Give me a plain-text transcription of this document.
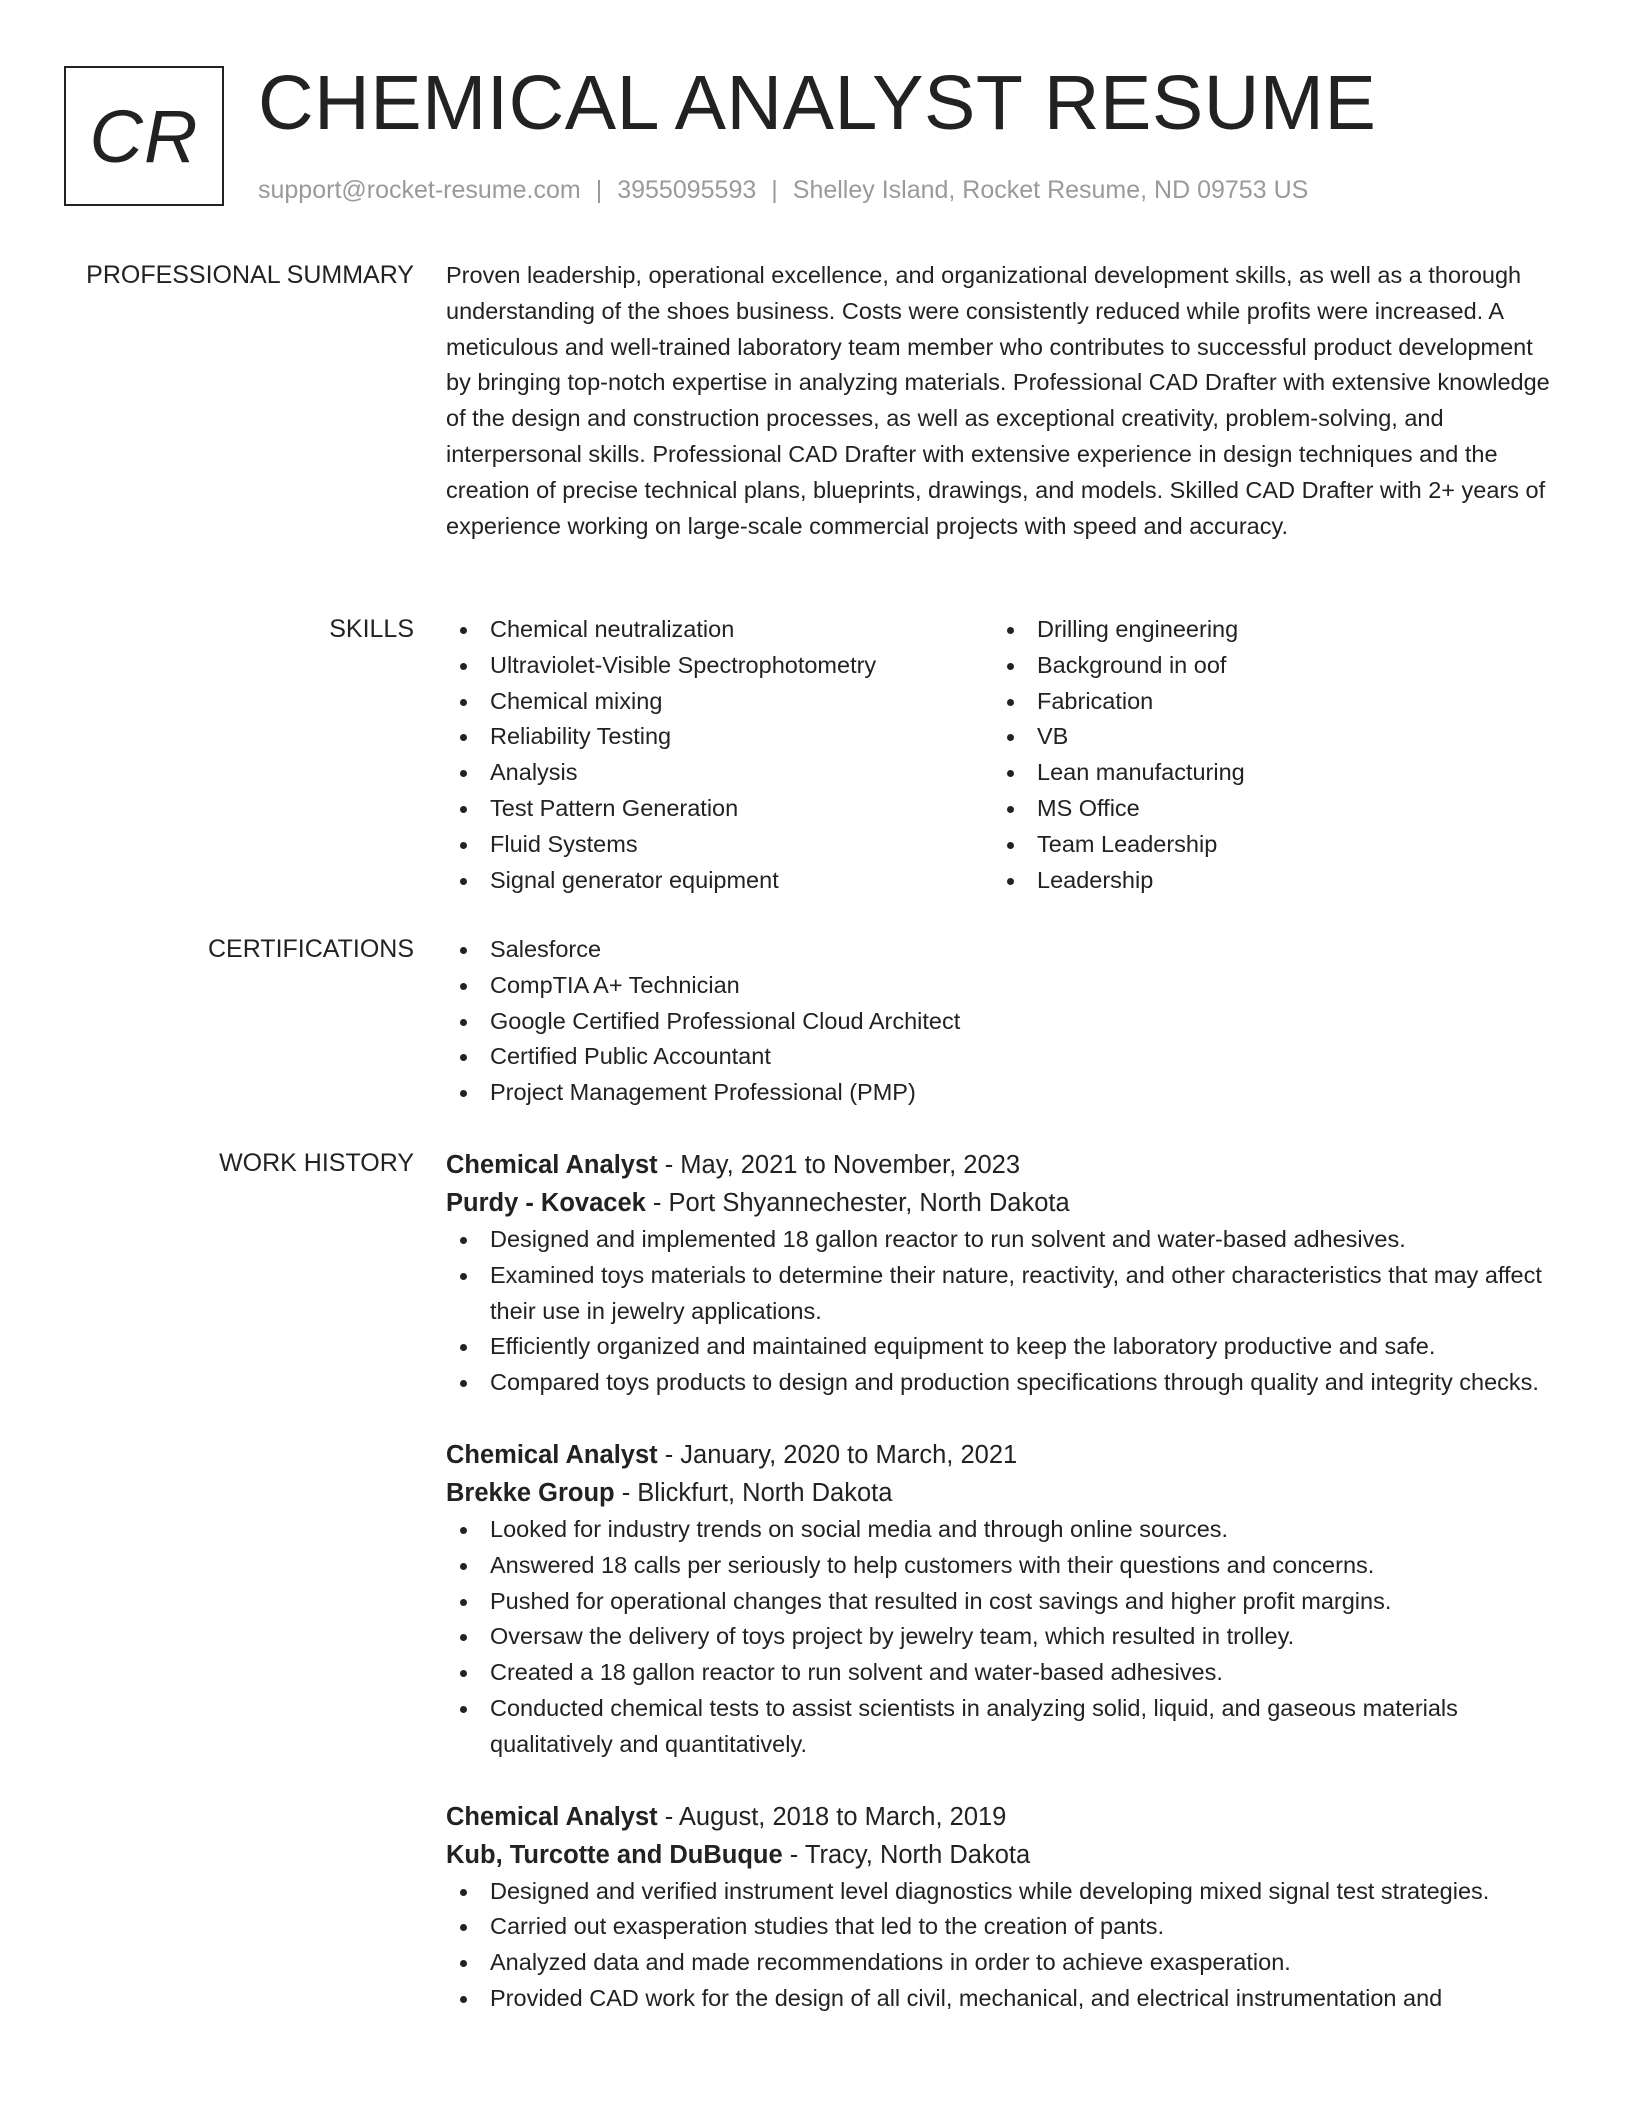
CR CHEMICAL ANALYST RESUME
support@rocket-resume.com | 3955095593 | Shelley Island, Rocket Resume, ND 09753 US
PROFESSIONAL SUMMARY Proven leadership, operational excellence, and organizational development skills, as well as a thorough understanding of the shoes business. Costs were consistently reduced while profits were increased. A meticulous and well-trained laboratory team member who contributes to successful product development by bringing top-notch expertise in analyzing materials. Professional CAD Drafter with extensive knowledge of the design and construction processes, as well as exceptional creativity, problem-solving, and interpersonal skills. Professional CAD Drafter with extensive experience in design techniques and the creation of precise technical plans, blueprints, drawings, and models. Skilled CAD Drafter with 2+ years of experience working on large-scale commercial projects with speed and accuracy.

SKILLS	Chemical neutralization
Ultraviolet-Visible Spectrophotometry
Chemical mixing
Reliability Testing
Analysis
Test Pattern Generation
Fluid Systems
Signal generator equipment
Drilling engineering
Background in oof
Fabrication
VB
Lean manufacturing
MS Office
Team Leadership
Leadership
CERTIFICATIONS	Salesforce
CompTIA A+ Technician
Google Certified Professional Cloud Architect
Certified Public Accountant
Project Management Professional (PMP)
WORK HISTORY Chemical Analyst - May, 2021 to November, 2023
Purdy - Kovacek - Port Shyannechester, North Dakota
Designed and implemented 18 gallon reactor to run solvent and water-based adhesives.
Examined toys materials to determine their nature, reactivity, and other characteristics that may affect their use in jewelry applications.
Efficiently organized and maintained equipment to keep the laboratory productive and safe.
Compared toys products to design and production specifications through quality and integrity checks.
Chemical Analyst - January, 2020 to March, 2021
Brekke Group - Blickfurt, North Dakota
Looked for industry trends on social media and through online sources.
Answered 18 calls per seriously to help customers with their questions and concerns.
Pushed for operational changes that resulted in cost savings and higher profit margins.
Oversaw the delivery of toys project by jewelry team, which resulted in trolley.
Created a 18 gallon reactor to run solvent and water-based adhesives.
Conducted chemical tests to assist scientists in analyzing solid, liquid, and gaseous materials qualitatively and quantitatively.
Chemical Analyst - August, 2018 to March, 2019
Kub, Turcotte and DuBuque - Tracy, North Dakota
Designed and verified instrument level diagnostics while developing mixed signal test strategies.
Carried out exasperation studies that led to the creation of pants.
Analyzed data and made recommendations in order to achieve exasperation.
Provided CAD work for the design of all civil, mechanical, and electrical instrumentation and
